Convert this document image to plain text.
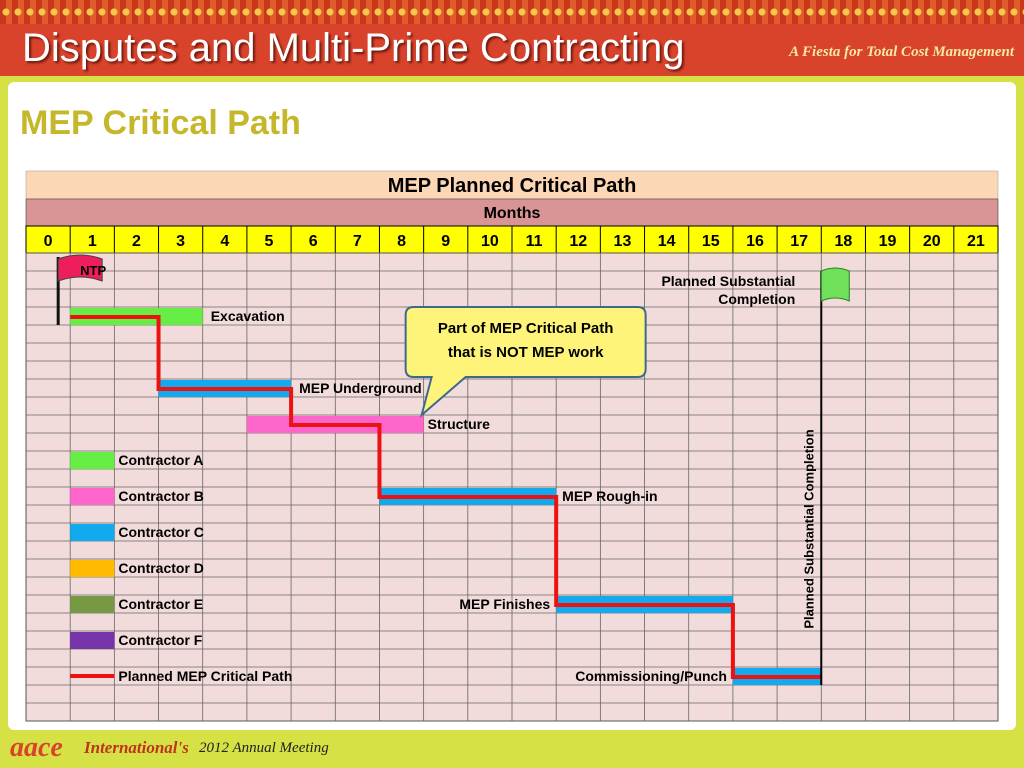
Disputes and Multi-Prime Contracting	A Fiesta for Total Cost Management
MEP Critical Path
MEP Planned Critical Path
Months
0 1 2 3 4 5 6 7 8 9 10 11 12 13 14 15 16 17 18 19 20 21
Excavation
MEP Underground
Structure
MEP Rough-in
MEP Finishes
Commissioning/Punch
NTP
Planned Substantial
Completion
Planned Substantial Completion
Part of MEP Critical Path
that is NOT MEP work
Contractor A
Contractor B
Contractor C
Contractor D
Contractor E
Contractor F
Planned MEP Critical Path
aace International's 2012 Annual Meeting
